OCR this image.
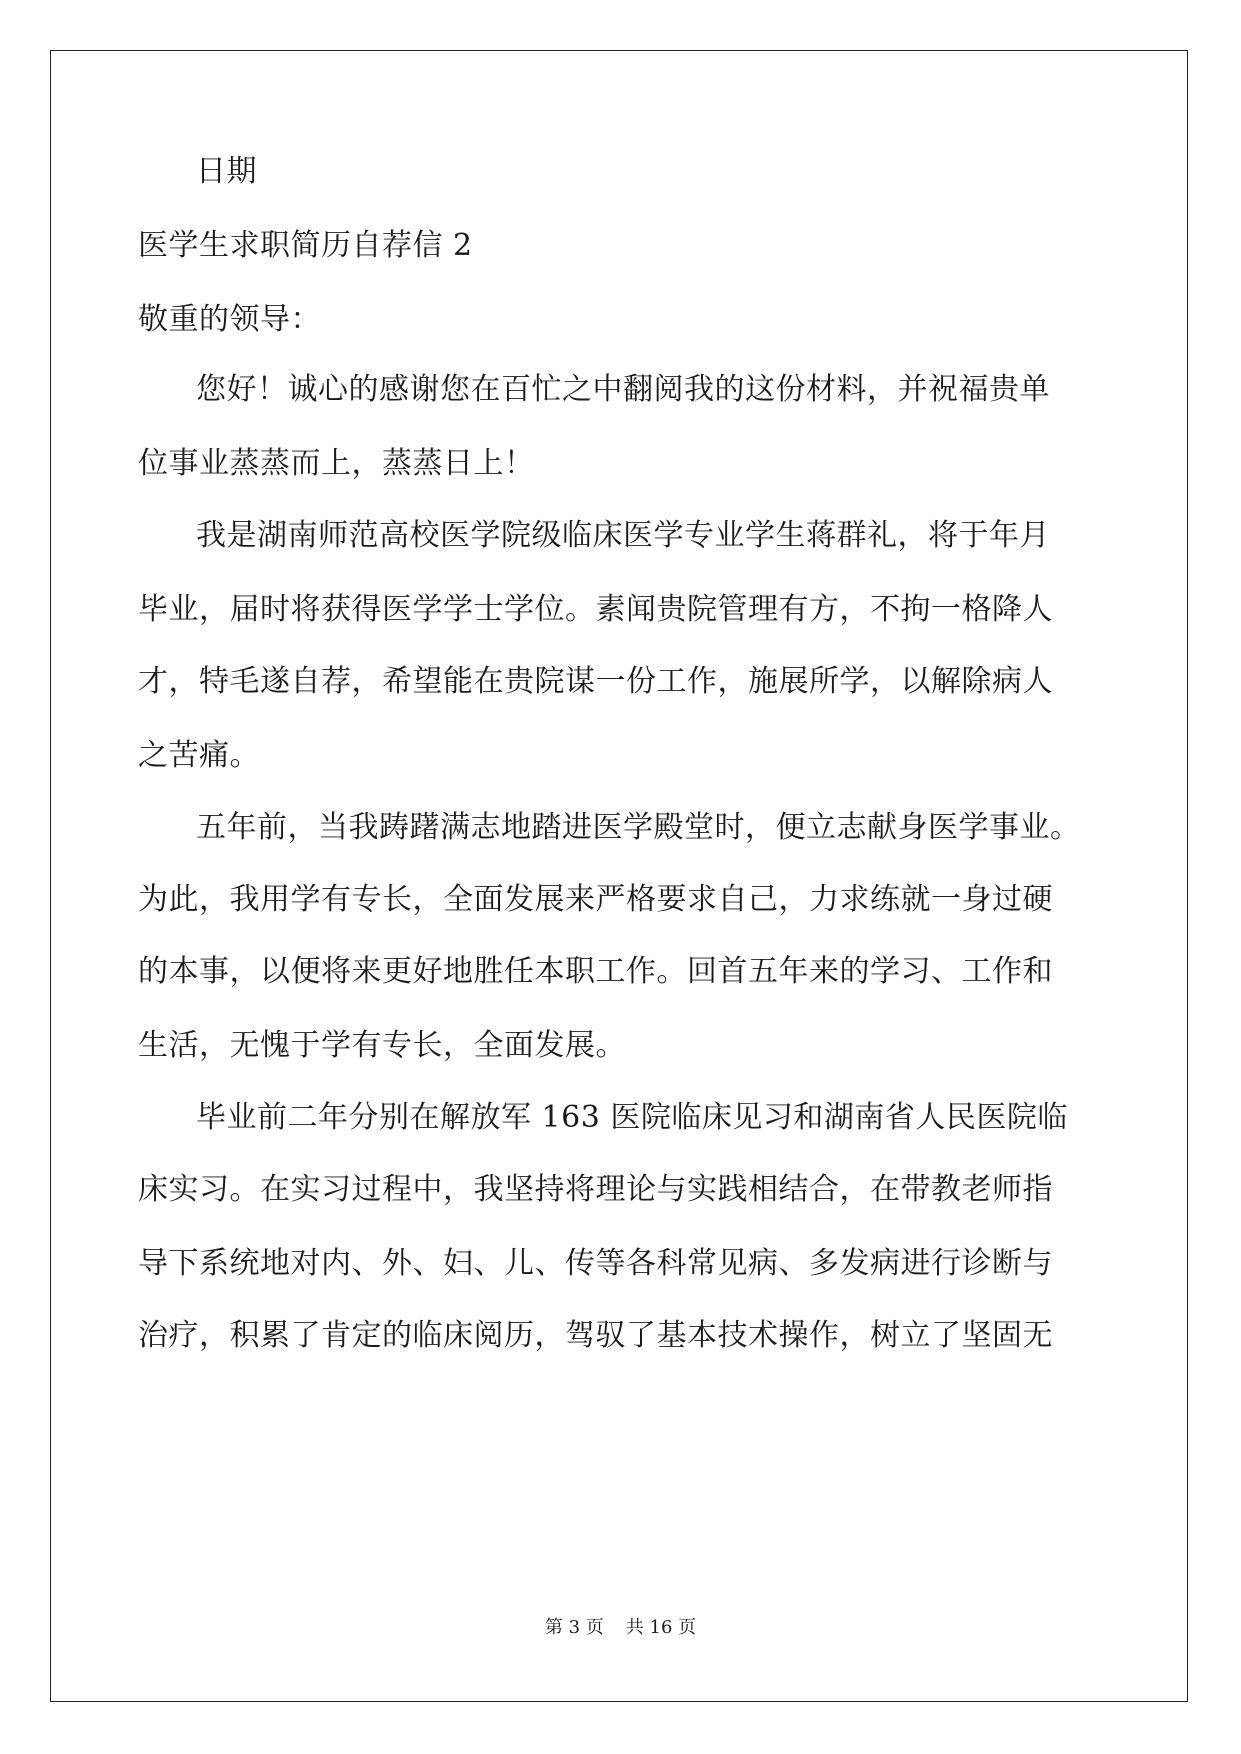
日期
医学生求职简历自荐信 2
敬重的领导：
您好！诚心的感谢您在百忙之中翻阅我的这份材料，并祝福贵单
位事业蒸蒸而上，蒸蒸日上！
我是湖南师范高校医学院级临床医学专业学生蒋群礼，将于年月
毕业，届时将获得医学学士学位。素闻贵院管理有方，不拘一格降人
才，特毛遂自荐，希望能在贵院谋一份工作，施展所学，以解除病人
之苦痛。
五年前，当我踌躇满志地踏进医学殿堂时，便立志献身医学事业。
为此，我用学有专长，全面发展来严格要求自己，力求练就一身过硬
的本事，以便将来更好地胜任本职工作。回首五年来的学习、工作和
生活，无愧于学有专长，全面发展。
毕业前二年分别在解放军 163 医院临床见习和湖南省人民医院临
床实习。在实习过程中，我坚持将理论与实践相结合，在带教老师指
导下系统地对内、外、妇、儿、传等各科常见病、多发病进行诊断与
治疗，积累了肯定的临床阅历，驾驭了基本技术操作，树立了坚固无
第 3 页 共 16 页
